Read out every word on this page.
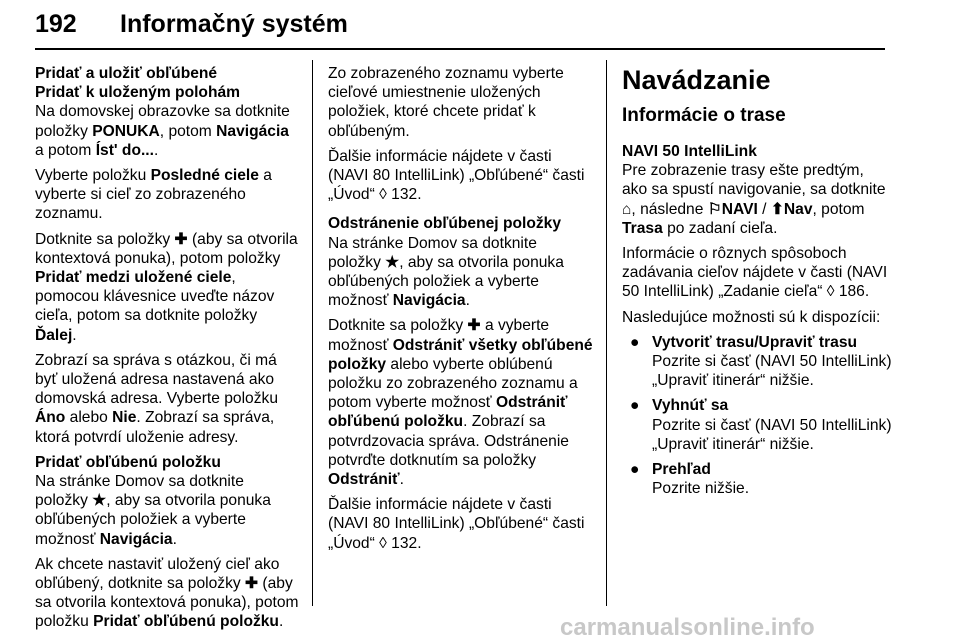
192 Informačný systém

Pridať a uložiť obľúbené

Pridať k uloženým polohám

Na domovskej obrazovke sa dotknite položky PONUKA, potom Navigácia a potom Íst' do....

Vyberte položku Posledné ciele a vyberte si cieľ zo zobrazeného zoznamu.

Dotknite sa položky ✚ (aby sa otvorila kontextová ponuka), potom položky Pridať medzi uložené ciele, pomocou klávesnice uveďte názov cieľa, potom sa dotknite položky Ďalej.

Zobrazí sa správa s otázkou, či má byť uložená adresa nastavená ako domovská adresa. Vyberte položku Áno alebo Nie. Zobrazí sa správa, ktorá potvrdí uloženie adresy.

Pridať obľúbenú položku

Na stránke Domov sa dotknite položky ★, aby sa otvorila ponuka obľúbených položiek a vyberte možnosť Navigácia.

Ak chcete nastaviť uložený cieľ ako obľúbený, dotknite sa položky ✚ (aby sa otvorila kontextová ponuka), potom položku Pridať obľúbenú položku.

Zo zobrazeného zoznamu vyberte cieľové umiestnenie uložených položiek, ktoré chcete pridať k obľúbeným.

Ďalšie informácie nájdete v časti (NAVI 80 IntelliLink) „Obľúbené“ časti „Úvod“ ◊ 132.

Odstránenie obľúbenej položky

Na stránke Domov sa dotknite položky ★, aby sa otvorila ponuka obľúbených položiek a vyberte možnosť Navigácia.

Dotknite sa položky ✚ a vyberte možnosť Odstrániť všetky obľúbené položky alebo vyberte oblúbenú položku zo zobrazeného zoznamu a potom vyberte možnosť Odstrániť obľúbenú položku. Zobrazí sa potvrdzovacia správa. Odstránenie potvrďte dotknutím sa položky Odstrániť.

Ďalšie informácie nájdete v časti (NAVI 80 IntelliLink) „Obľúbené“ časti „Úvod“ ◊ 132.

Navádzanie

Informácie o trase

NAVI 50 IntelliLink

Pre zobrazenie trasy ešte predtým, ako sa spustí navigovanie, sa dotknite ⌂, následne ⚐NAVI / ⬆Nav, potom Trasa po zadaní cieľa.

Informácie o rôznych spôsoboch zadávania cieľov nájdete v časti (NAVI 50 IntelliLink) „Zadanie cieľa“ ◊ 186.

Nasledujúce možnosti sú k dispozícii:

● Vytvoriť trasu/Upraviť trasu

Pozrite si časť (NAVI 50 IntelliLink) „Upraviť itinerár“ nižšie.

● Vyhnúť sa

Pozrite si časť (NAVI 50 IntelliLink) „Upraviť itinerár“ nižšie.

● Prehľad

Pozrite nižšie.

carmanualsonline.info
